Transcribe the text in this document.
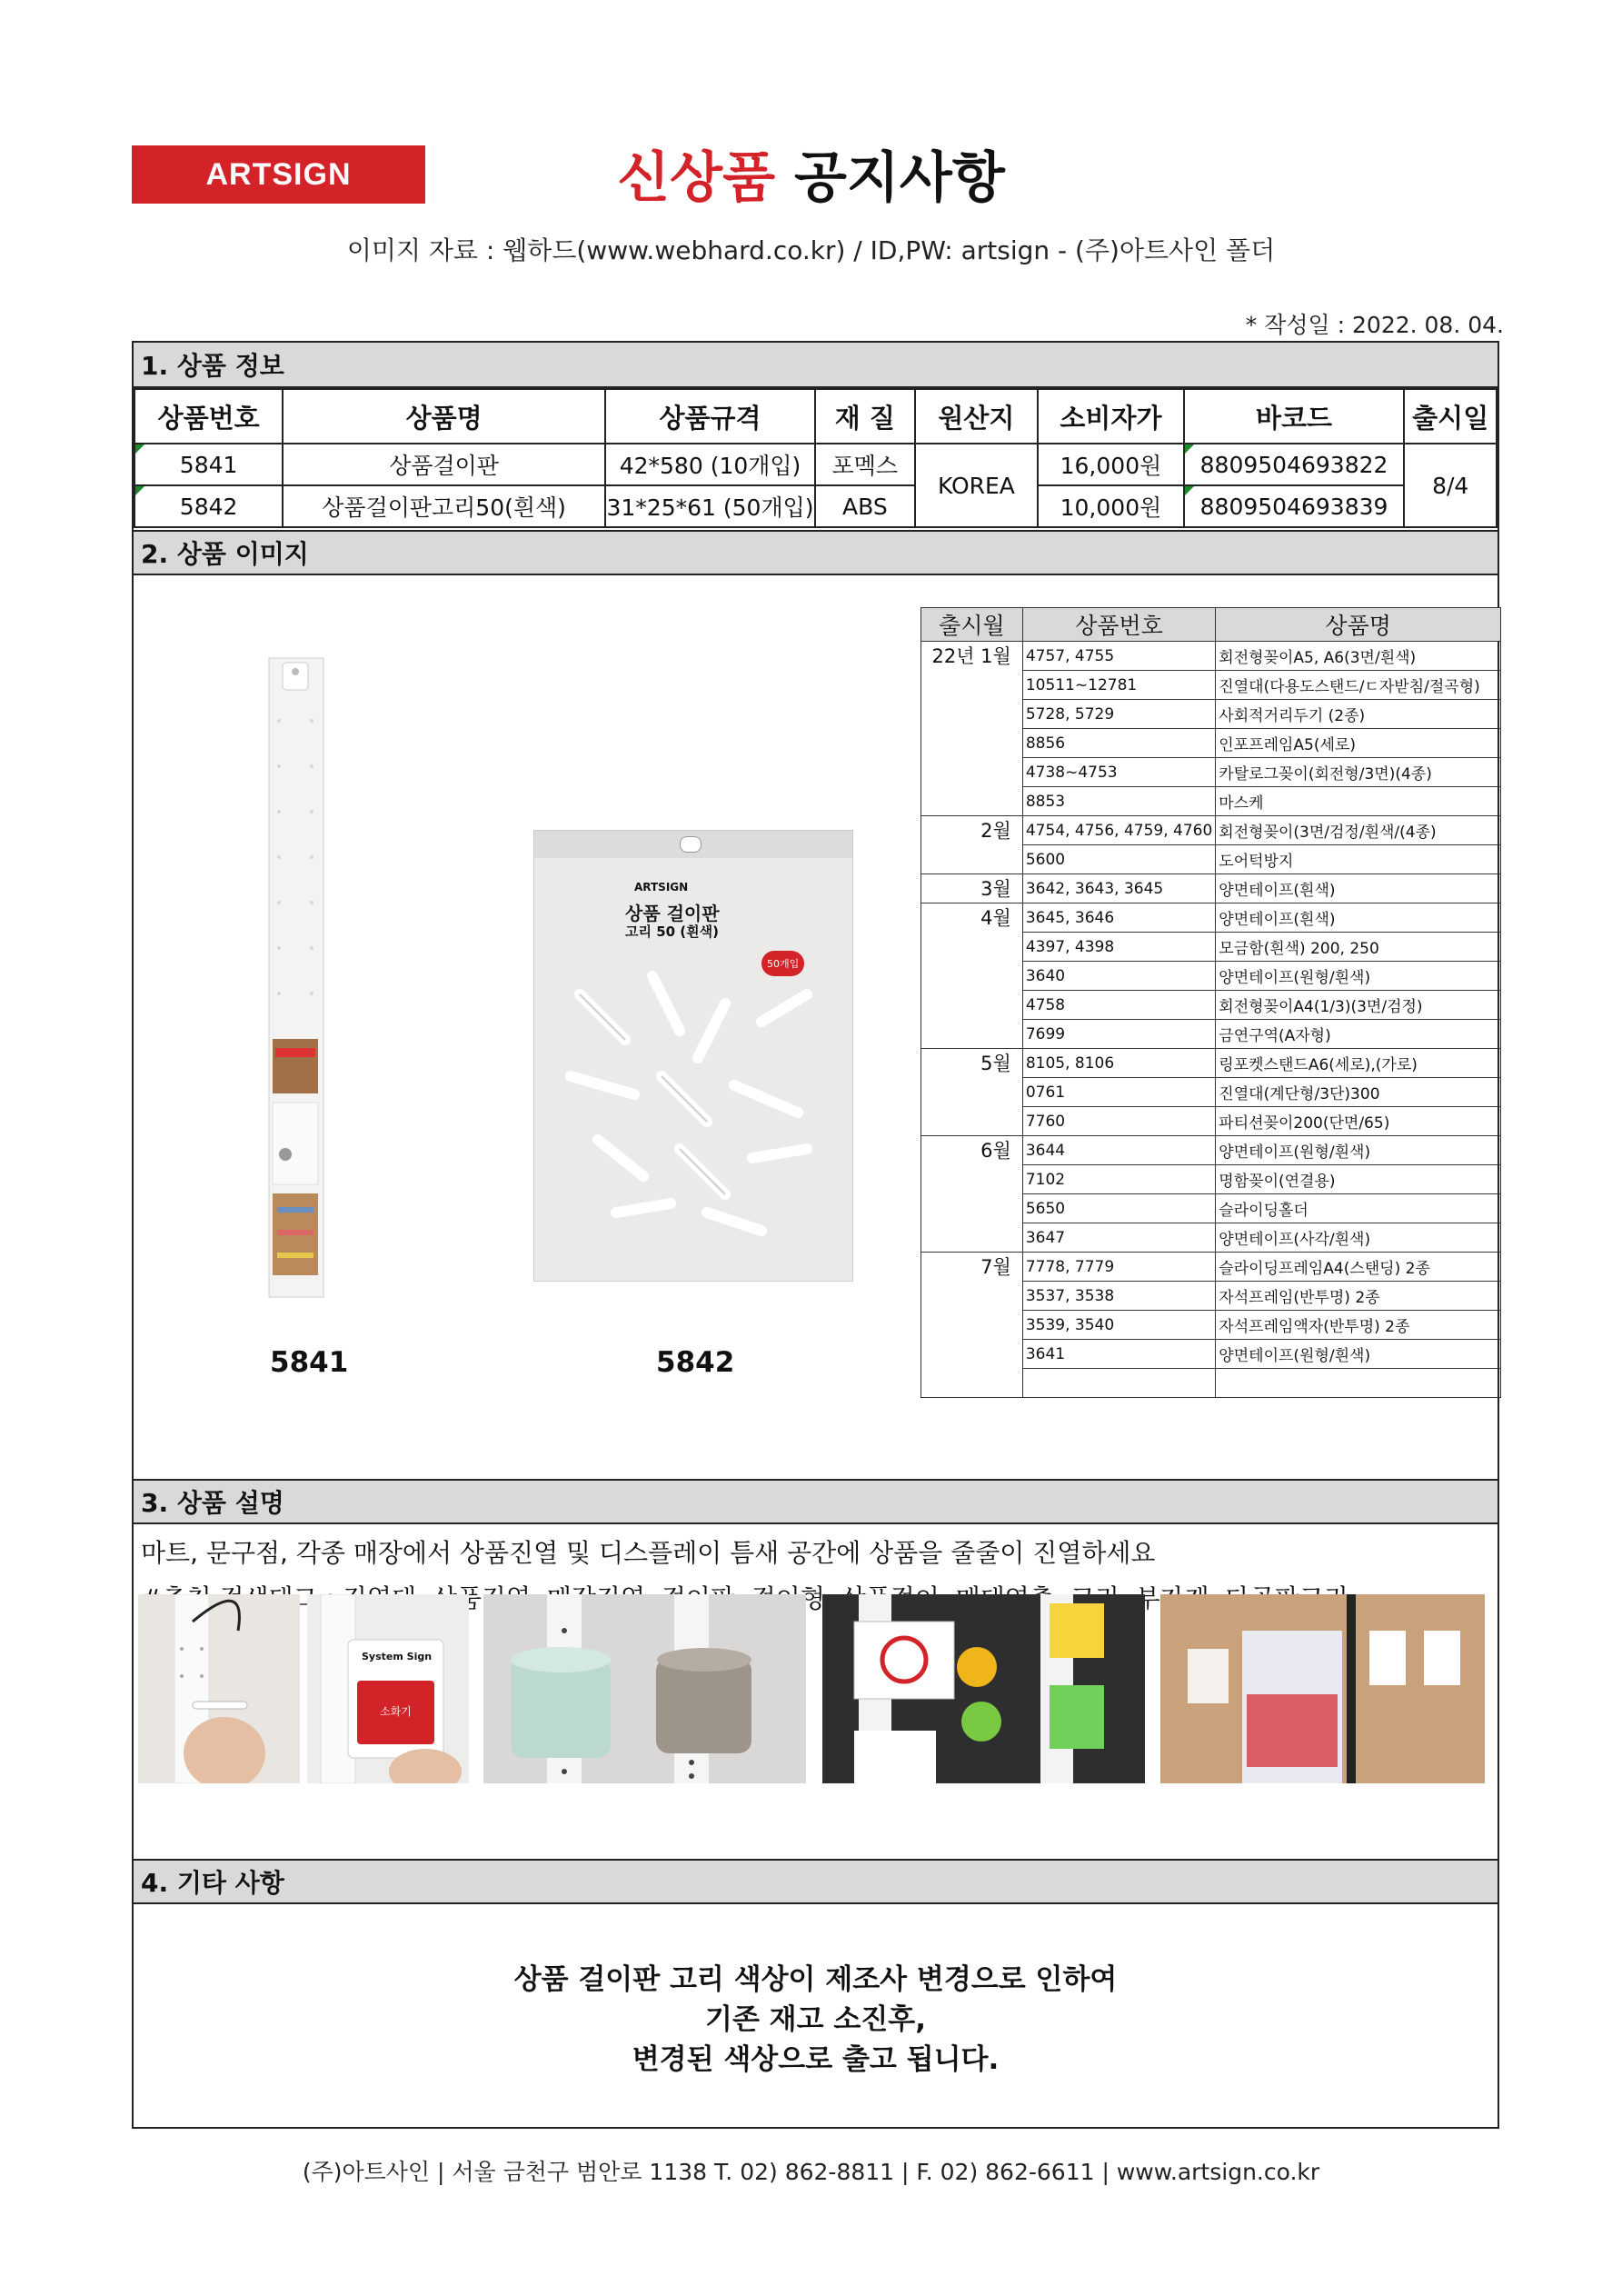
ARTSIGN	신상품 공지사항
이미지 자료 : 웹하드(www.webhard.co.kr) / ID,PW: artsign - (주)아트사인 폴더
* 작성일 : 2022. 08. 04.
1. 상품 정보
상품번호	상품명	상품규격	재 질	원산지	소비자가	바코드	출시일

5841	상품걸이판	42*580 (10개입)	포멕스	KOREA	16,000원	8809504693822	8/4

5842	상품걸이판고리50(흰색)	31*25*61 (50개입)	ABS		10,000원	8809504693839	
2. 상품 이미지
ARTSIGN
상품 걸이판
고리 50 (흰색)
50개입
5841	5842
출시월	상품번호	상품명
22년 1월	4757, 4755	회전형꽂이A5, A6(3면/흰색)
	10511~12781	진열대(다용도스탠드/ㄷ자받침/절곡형)
	5728, 5729	사회적거리두기 (2종)
	8856	인포프레임A5(세로)
	4738~4753	카탈로그꽂이(회전형/3면)(4종)
	8853	마스케
2월	4754, 4756, 4759, 4760	회전형꽂이(3면/검정/흰색/(4종)
	5600	도어턱방지
3월	3642, 3643, 3645	양면테이프(흰색)
4월	3645, 3646	양면테이프(흰색)
	4397, 4398	모금함(흰색) 200, 250
	3640	양면테이프(원형/흰색)
	4758	회전형꽂이A4(1/3)(3면/검정)
	7699	금연구역(A자형)
5월	8105, 8106	링포켓스탠드A6(세로),(가로)
	0761	진열대(계단형/3단)300
	7760	파티션꽂이200(단면/65)
6월	3644	양면테이프(원형/흰색)
	7102	명함꽂이(연결용)
	5650	슬라이딩홀더
	3647	양면테이프(사각/흰색)
7월	7778, 7779	슬라이딩프레임A4(스탠딩) 2종
	3537, 3538	자석프레임(반투명) 2종
	3539, 3540	자석프레임액자(반투명) 2종
	3641	양면테이프(원형/흰색)

3. 상품 설명
마트, 문구점, 각종 매장에서 상품진열 및 디스플레이 틈새 공간에 상품을 줄줄이 진열하세요
System Sign
소화기
4. 기타 사항
상품 걸이판 고리 색상이 제조사 변경으로 인하여
기존 재고 소진후,
변경된 색상으로 출고 됩니다.
(주)아트사인 | 서울 금천구 범안로 1138 T. 02) 862-8811 | F. 02) 862-6611 | www.artsign.co.kr
